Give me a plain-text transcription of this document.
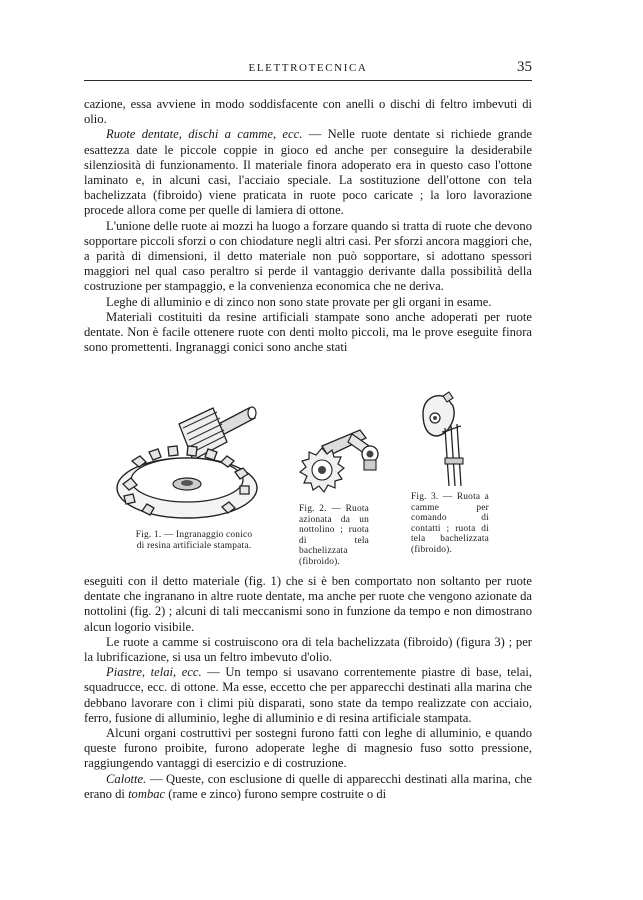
ELETTROTECNICA	35

cazione, essa avviene in modo soddisfacente con anelli o dischi di feltro imbevuti di olio.

Ruote dentate, dischi a camme, ecc. — Nelle ruote dentate si richiede grande esattezza date le piccole coppie in gioco ed anche per conseguire la desiderabile silenziosità di funzionamento. Il materiale finora adoperato era in questo caso l'ottone laminato e, in alcuni casi, l'acciaio speciale. La sostituzione dell'ottone con tela bachelizzata (fibroido) viene praticata in ruote poco caricate ; la loro lavorazione procede allora come per quelle di lamiera di ottone.

L'unione delle ruote ai mozzi ha luogo a forzare quando si tratta di ruote che devono sopportare piccoli sforzi o con chiodature negli altri casi. Per sforzi ancora maggiori che, a parità di dimensioni, il detto materiale non può sopportare, si adottano spessori maggiori nel qual caso peraltro si perde il vantaggio derivante dalla possibilità della costruzione per stampaggio, e la convenienza economica che ne deriva.

Leghe di alluminio e di zinco non sono state provate per gli organi in esame.

Materiali costituiti da resine artificiali stampate sono anche adoperati per ruote dentate. Non è facile ottenere ruote con denti molto piccoli, ma le prove eseguite finora sono promettenti. Ingranaggi conici sono anche stati

Fig. 1. — Ingranaggio conico di resina artificiale stampata.
Fig. 2. — Ruota azionata da un nottolino ; ruota di tela bachelizzata (fibroido).
Fig. 3. — Ruota a camme per comando di contatti ; ruota di tela bachelizzata (fibroido).

eseguiti con il detto materiale (fig. 1) che si è ben comportato non soltanto per ruote dentate che ingranano in altre ruote dentate, ma anche per ruote che vengono azionate da nottolini (fig. 2) ; alcuni di tali meccanismi sono in funzione da tempo e non dimostrano alcun logorio visibile.

Le ruote a camme si costruiscono ora di tela bachelizzata (fibroido) (figura 3) ; per la lubrificazione, si usa un feltro imbevuto d'olio.

Piastre, telai, ecc. — Un tempo si usavano correntemente piastre di base, telai, squadrucce, ecc. di ottone. Ma esse, eccetto che per apparecchi destinati alla marina che debbano lavorare con i climi più disparati, sono state da tempo realizzate con acciaio, ferro, fusione di alluminio, leghe di alluminio e di resina artificiale stampata.

Alcuni organi costruttivi per sostegni furono fatti con leghe di alluminio, e quando queste furono proibite, furono adoperate leghe di magnesio fuso sotto pressione, raggiungendo vantaggi di esercizio e di costruzione.

Calotte. — Queste, con esclusione di quelle di apparecchi destinati alla marina, che erano di tombac (rame e zinco) furono sempre costruite o di
